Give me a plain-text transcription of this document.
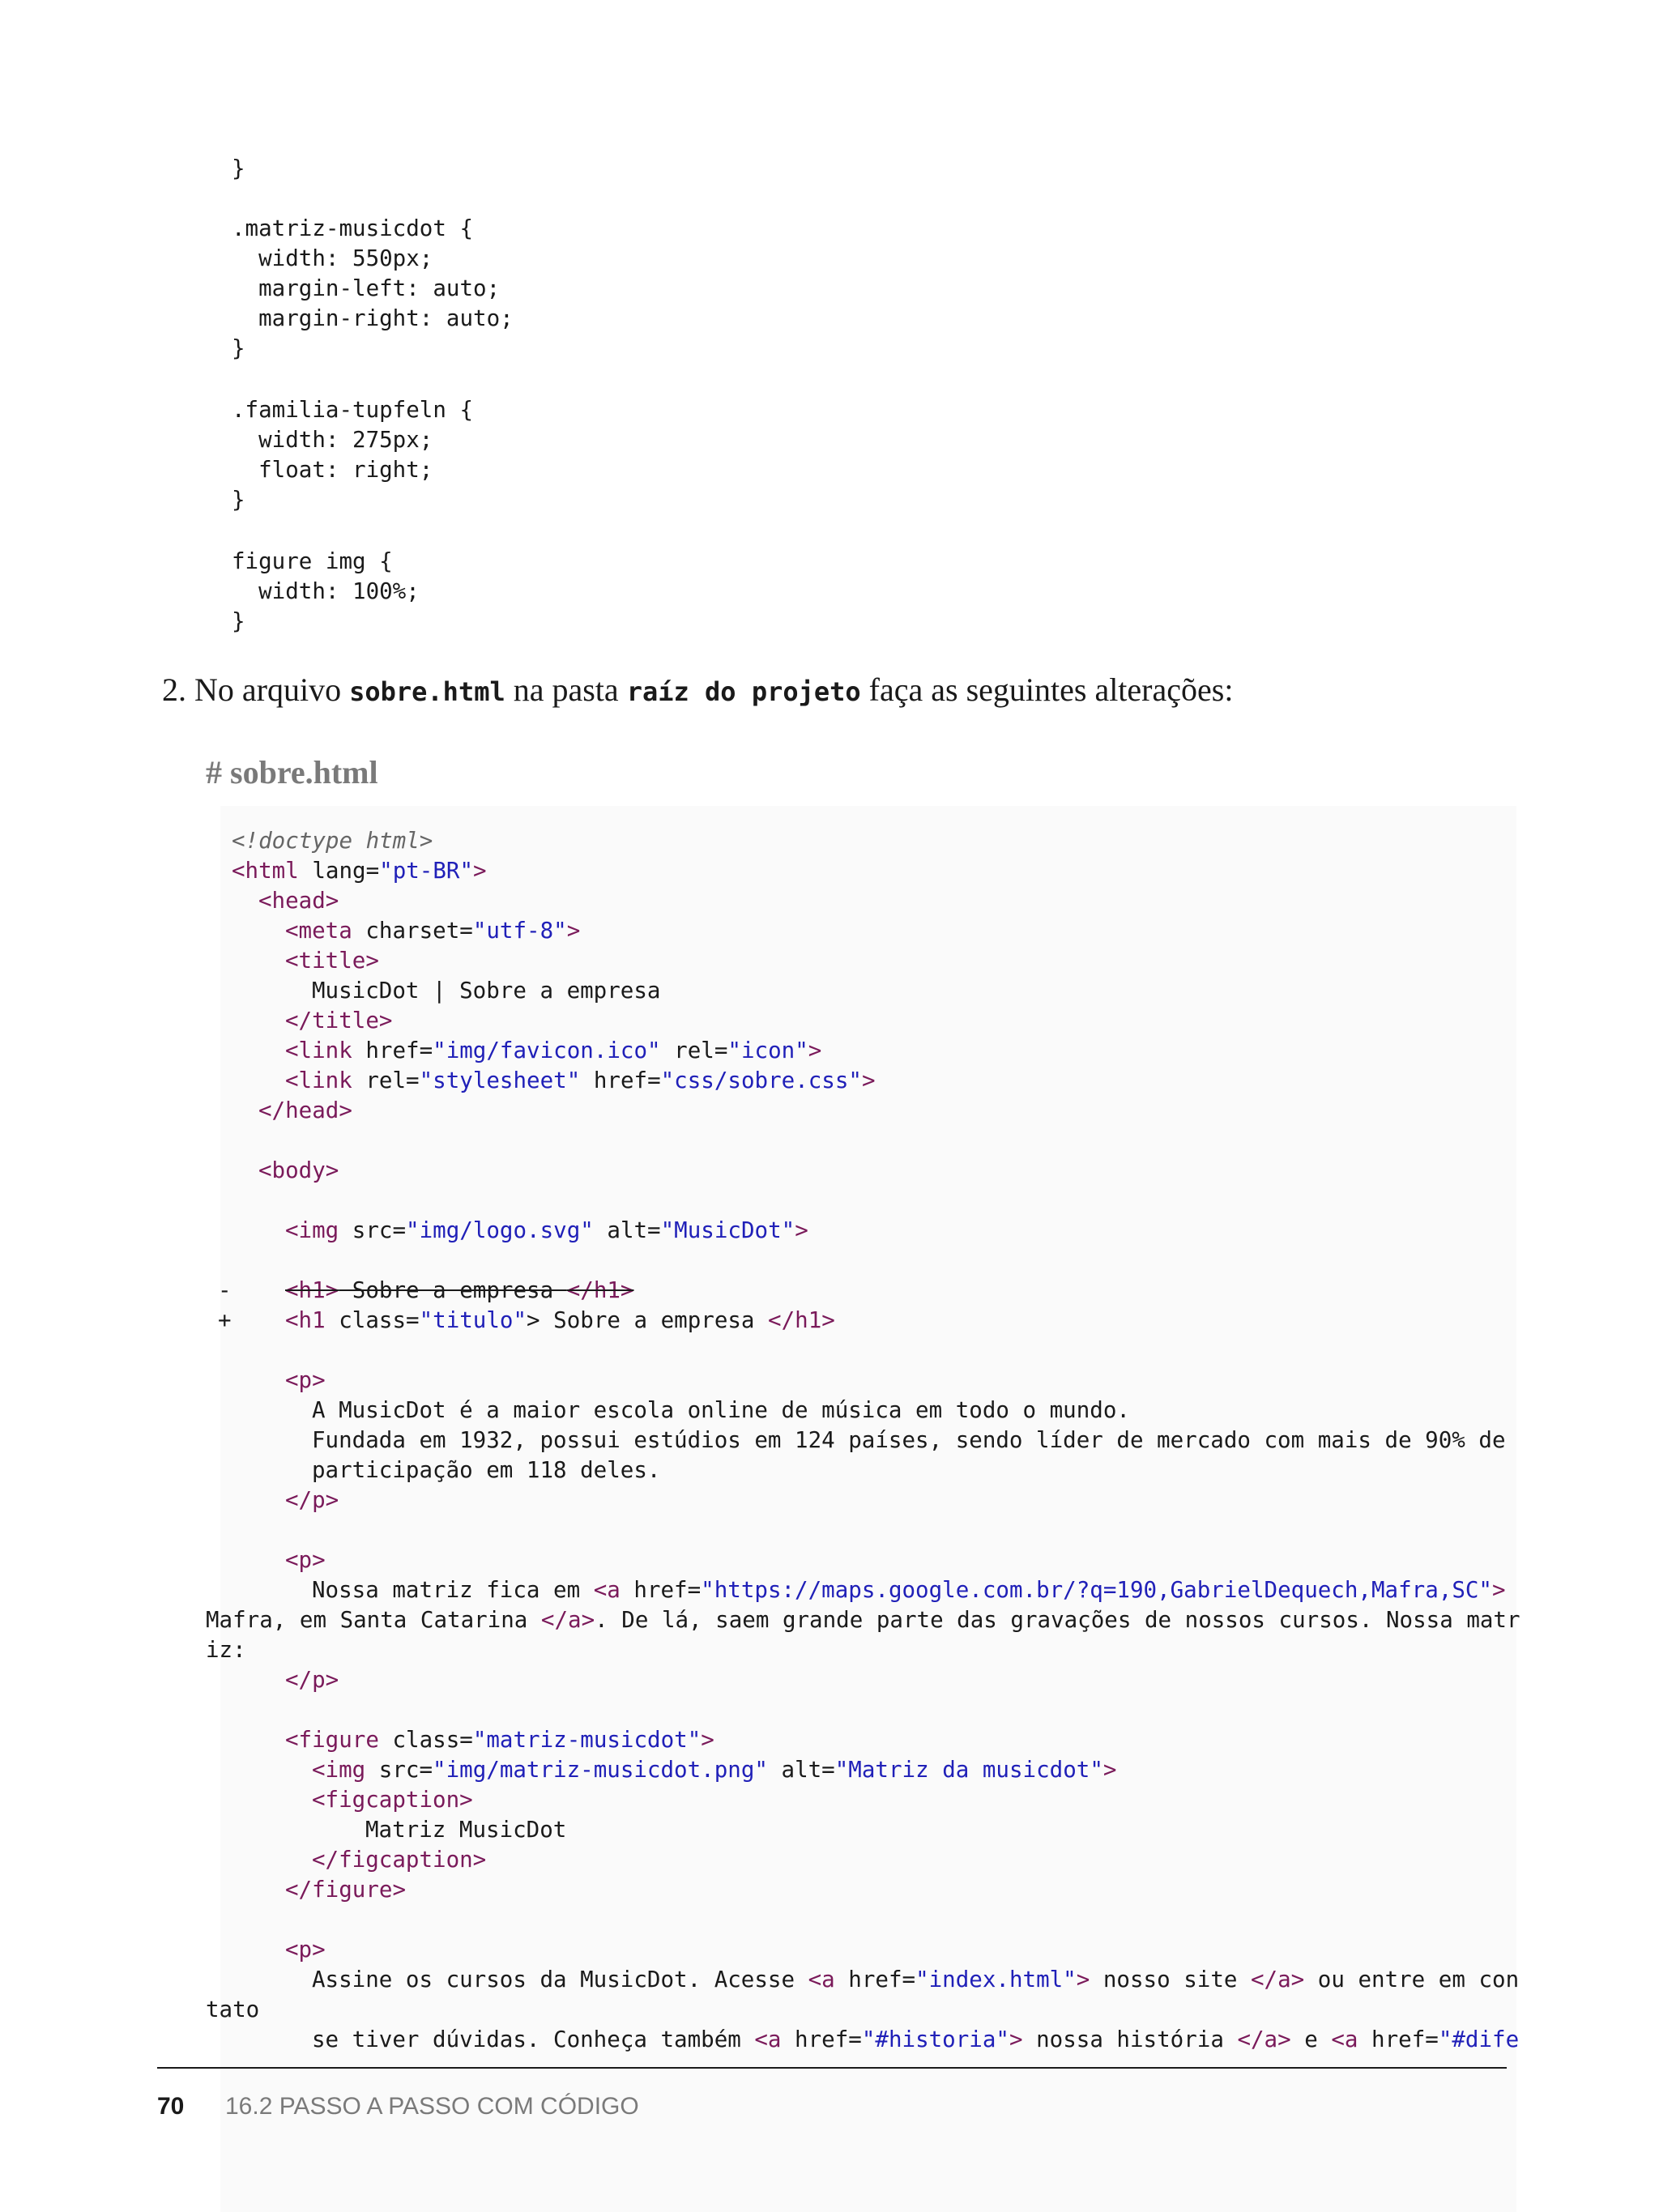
}

.matriz-musicdot {

width: 550px;

margin-left: auto;

margin-right: auto;

}

.familia-tupfeln {

width: 275px;

float: right;

}

figure img {

width: 100%;

}

2. No arquivo sobre.html na pasta raíz do projeto faça as seguintes alterações:
# sobre.html

<!doctype html>

<html lang="pt-BR">

<head>

<meta charset="utf-8">

<title>

MusicDot | Sobre a empresa

</title>

<link href="img/favicon.ico" rel="icon">

<link rel="stylesheet" href="css/sobre.css">

</head>

<body>

<img src="img/logo.svg" alt="MusicDot">

-

<h1> Sobre a empresa </h1>

+

<h1 class="titulo"> Sobre a empresa </h1>

<p>

A MusicDot é a maior escola online de música em todo o mundo.

Fundada em 1932, possui estúdios em 124 países, sendo líder de mercado com mais de 90% de

participação em 118 deles.

</p>

<p>

Nossa matriz fica em <a href="https://maps.google.com.br/?q=190,GabrielDequech,Mafra,SC">

Mafra, em Santa Catarina </a>. De lá, saem grande parte das gravações de nossos cursos. Nossa matr

iz:

</p>

<figure class="matriz-musicdot">

<img src="img/matriz-musicdot.png" alt="Matriz da musicdot">

<figcaption>

Matriz MusicDot

</figcaption>

</figure>

<p>

Assine os cursos da MusicDot. Acesse <a href="index.html"> nosso site </a> ou entre em con

tato

se tiver dúvidas. Conheça também <a href="#historia"> nossa história </a> e <a href="#dife

70 16.2 PASSO A PASSO COM CÓDIGO
